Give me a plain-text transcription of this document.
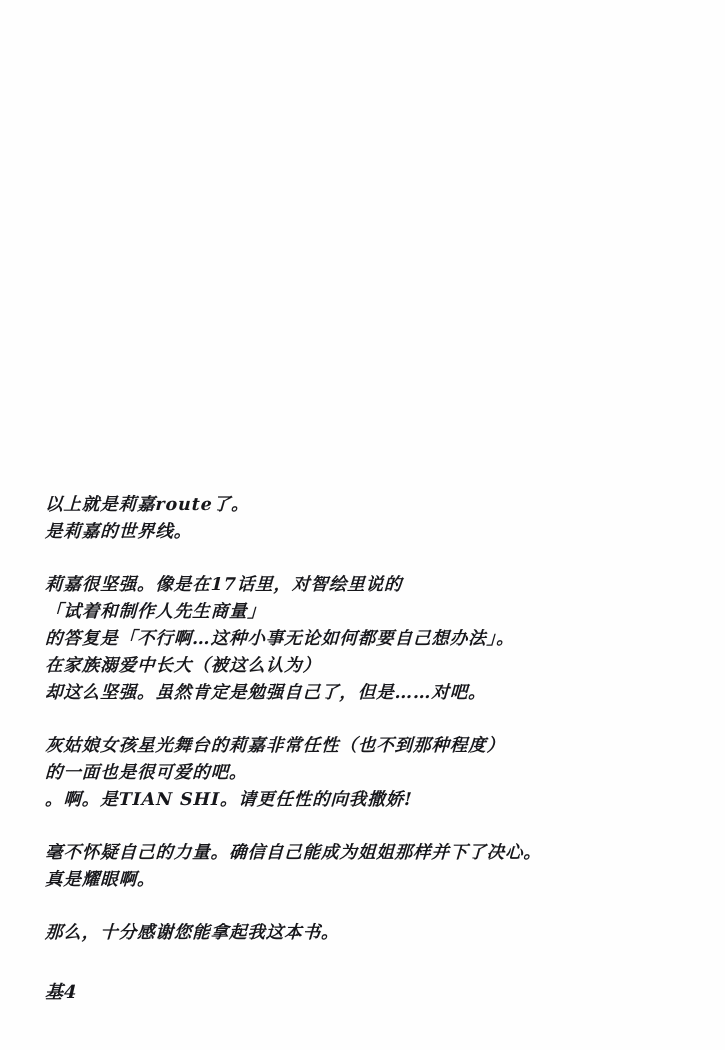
以上就是莉嘉route了。
是莉嘉的世界线。
莉嘉很坚强。像是在17话里，对智绘里说的
「试着和制作人先生商量」
的答复是「不行啊…这种小事无论如何都要自己想办法」。
在家族溺爱中长大（被这么认为）
却这么坚强。虽然肯定是勉强自己了，但是……对吧。
灰姑娘女孩星光舞台的莉嘉非常任性（也不到那种程度）
的一面也是很可爱的吧。
。啊。是TIAN SHI。请更任性的向我撒娇!
毫不怀疑自己的力量。确信自己能成为姐姐那样并下了决心。
真是耀眼啊。
那么，十分感谢您能拿起我这本书。
基4
